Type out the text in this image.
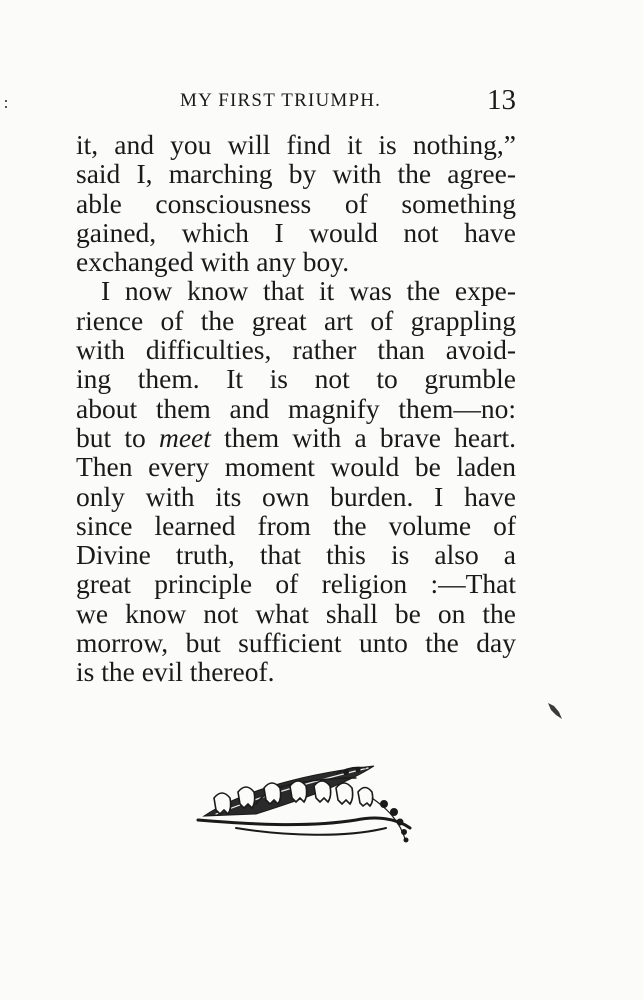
MY FIRST TRIUMPH.	13
it, and you will find it is nothing,”
said I, marching by with the agree-
able consciousness of something
gained, which I would not have
exchanged with any boy.
I now know that it was the expe-
rience of the great art of grappling
with difficulties, rather than avoid-
ing them. It is not to grumble
about them and magnify them—no:
but to meet them with a brave heart.
Then every moment would be laden
only with its own burden. I have
since learned from the volume of
Divine truth, that this is also a
great principle of religion :—That
we know not what shall be on the
morrow, but sufficient unto the day
is the evil thereof.
